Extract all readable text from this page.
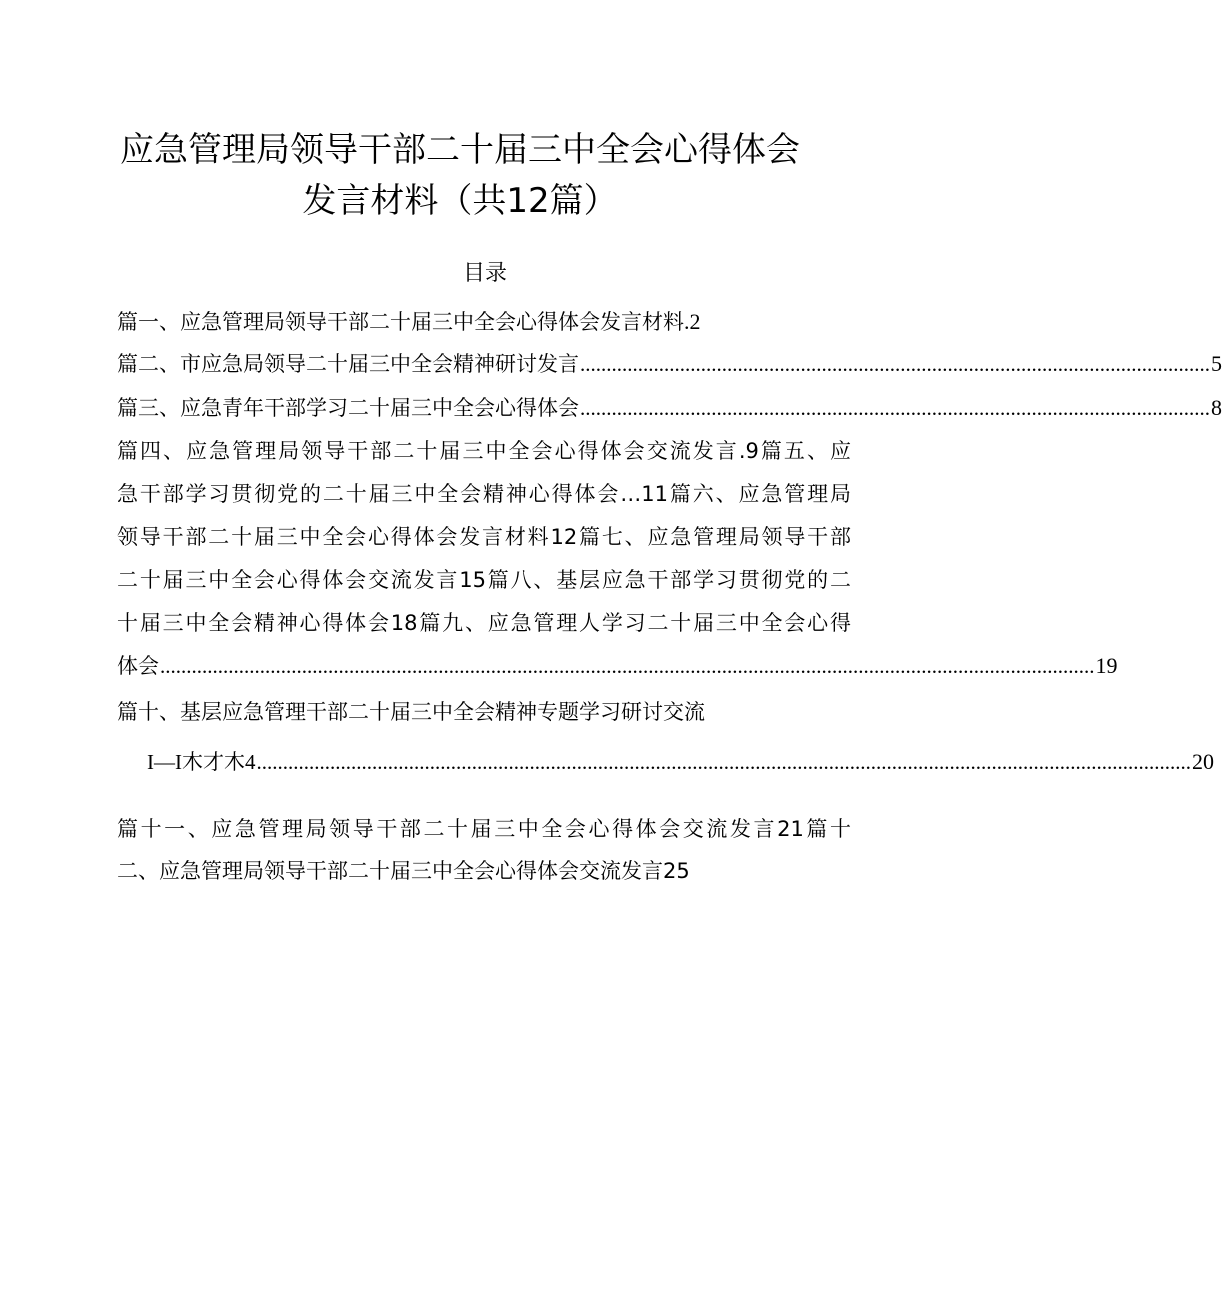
应急管理局领导干部二十届三中全会心得体会
发言材料（共12篇）
目录
篇一、应急管理局领导干部二十届三中全会心得体会发言材料 .2
篇二、市应急局领导二十届三中全会精神研讨发言 ........................................................................................................................ 5
篇三、应急青年干部学习二十届三中全会心得体会 ........................................................................................................................ 8
篇四、应急管理局领导干部二十届三中全会心得体会交流发言.9篇五、应
急干部学习贯彻党的二十届三中全会精神心得体会…11篇六、应急管理局
领导干部二十届三中全会心得体会发言材料12篇七、应急管理局领导干部
二十届三中全会心得体会交流发言15篇八、基层应急干部学习贯彻党的二
十届三中全会精神心得体会18篇九、应急管理人学习二十届三中全会心得
体会 .................................................................................................................................................................................. 19
篇十、基层应急管理干部二十届三中全会精神专题学习研讨交流
I—I木才木4 .................................................................................................................................................................................. 20
篇十一、应急管理局领导干部二十届三中全会心得体会交流发言21篇十
二、应急管理局领导干部二十届三中全会心得体会交流发言25
